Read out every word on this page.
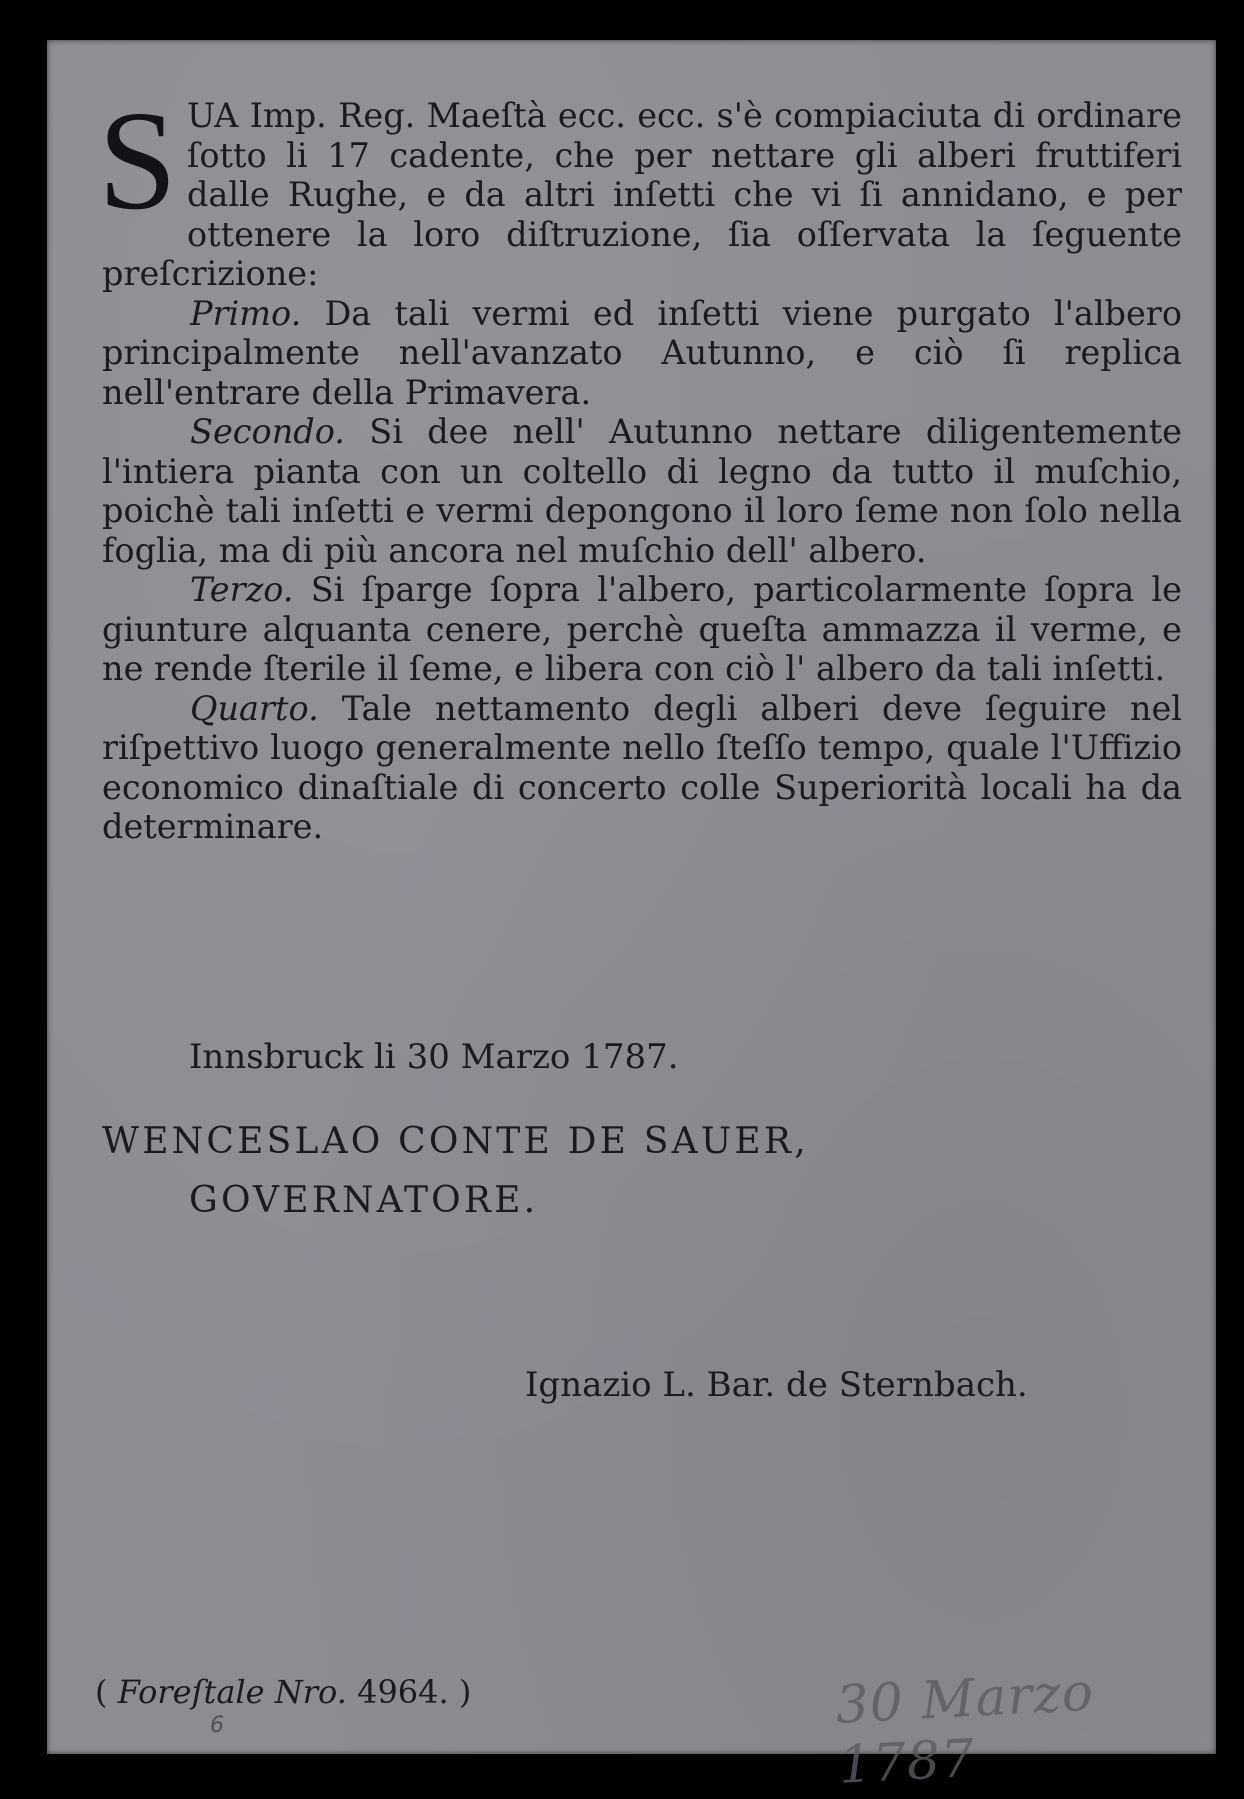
S UA Imp. Reg. Maeſtà ecc. ecc. s'è compiaciuta di ordinare ſotto li 17 cadente, che per nettare gli alberi fruttiferi dalle Rughe, e da altri inſetti che vi ſi annidano, e per ottenere la loro diſtruzione, ſia oſſervata la ſeguente preſcrizione:

Primo. Da tali vermi ed inſetti viene purgato l'albero principalmente nell'avanzato Autunno, e ciò ſi replica nell'entrare della Primavera.

Secondo. Si dee nell' Autunno nettare diligentemente l'intiera pianta con un coltello di legno da tutto il muſchio, poichè tali inſetti e vermi depongono il loro ſeme non ſolo nella foglia, ma di più ancora nel muſchio dell' albero.

Terzo. Si ſparge ſopra l'albero, particolarmente ſopra le giunture alquanta cenere, perchè queſta ammazza il verme, e ne rende ſterile il ſeme, e libera con ciò l' albero da tali inſetti.

Quarto. Tale nettamento degli alberi deve ſeguire nel riſpettivo luogo generalmente nello ſteſſo tempo, quale l'Uffizio economico dinaſtiale di concerto colle Superiorità locali ha da determinare.

Innsbruck li 30 Marzo 1787.
WENCESLAO CONTE DE SAUER,
GOVERNATORE.
Ignazio L. Bar. de Sternbach.
( Foreſtale Nro. 4964. )
6	30 Marzo 1787
